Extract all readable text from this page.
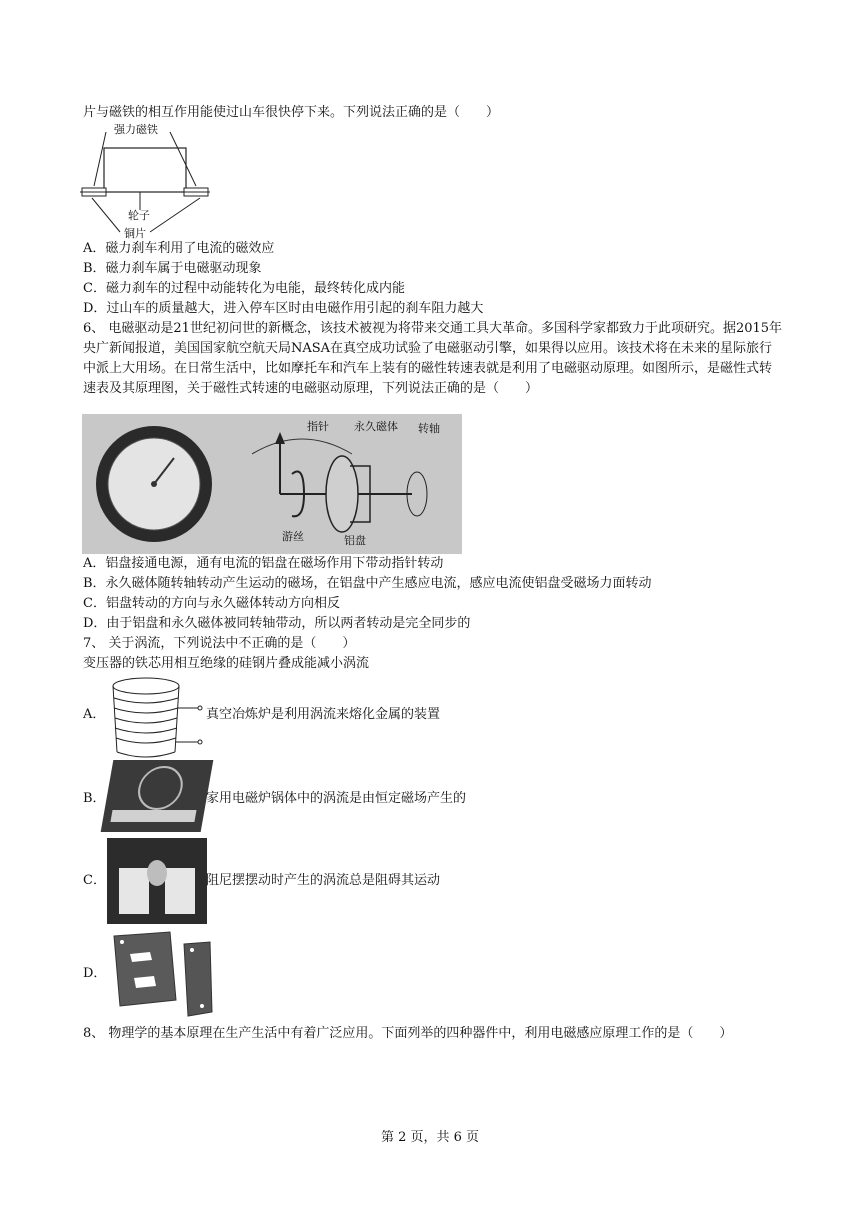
片与磁铁的相互作用能使过山车很快停下来。下列说法正确的是（　　）
强力磁铁
轮子
铜片
A．磁力刹车利用了电流的磁效应
B．磁力刹车属于电磁驱动现象
C．磁力刹车的过程中动能转化为电能，最终转化成内能
D．过山车的质量越大，进入停车区时由电磁作用引起的刹车阻力越大
6、 电磁驱动是21世纪初问世的新概念，该技术被视为将带来交通工具大革命。多国科学家都致力于此项研究。据2015年央广新闻报道，美国国家航空航天局NASA在真空成功试验了电磁驱动引擎，如果得以应用。该技术将在未来的星际旅行中派上大用场。在日常生活中，比如摩托车和汽车上装有的磁性转速表就是利用了电磁驱动原理。如图所示，是磁性式转速表及其原理图，关于磁性式转速的电磁驱动原理，下列说法正确的是（　　）
指针 永久磁体 转轴
游丝	铝盘
A．铝盘接通电源，通有电流的铝盘在磁场作用下带动指针转动
B．永久磁体随转轴转动产生运动的磁场，在铝盘中产生感应电流，感应电流使铝盘受磁场力面转动
C．铝盘转动的方向与永久磁体转动方向相反
D．由于铝盘和永久磁体被同转轴带动，所以两者转动是完全同步的
7、 关于涡流，下列说法中不正确的是（　　）
变压器的铁芯用相互绝缘的硅钢片叠成能减小涡流
A．	真空冶炼炉是利用涡流来熔化金属的装置
B．	家用电磁炉锅体中的涡流是由恒定磁场产生的
C．	阻尼摆摆动时产生的涡流总是阻碍其运动
D．
8、 物理学的基本原理在生产生活中有着广泛应用。下面列举的四种器件中，利用电磁感应原理工作的是（　　）
第 2 页，共 6 页
